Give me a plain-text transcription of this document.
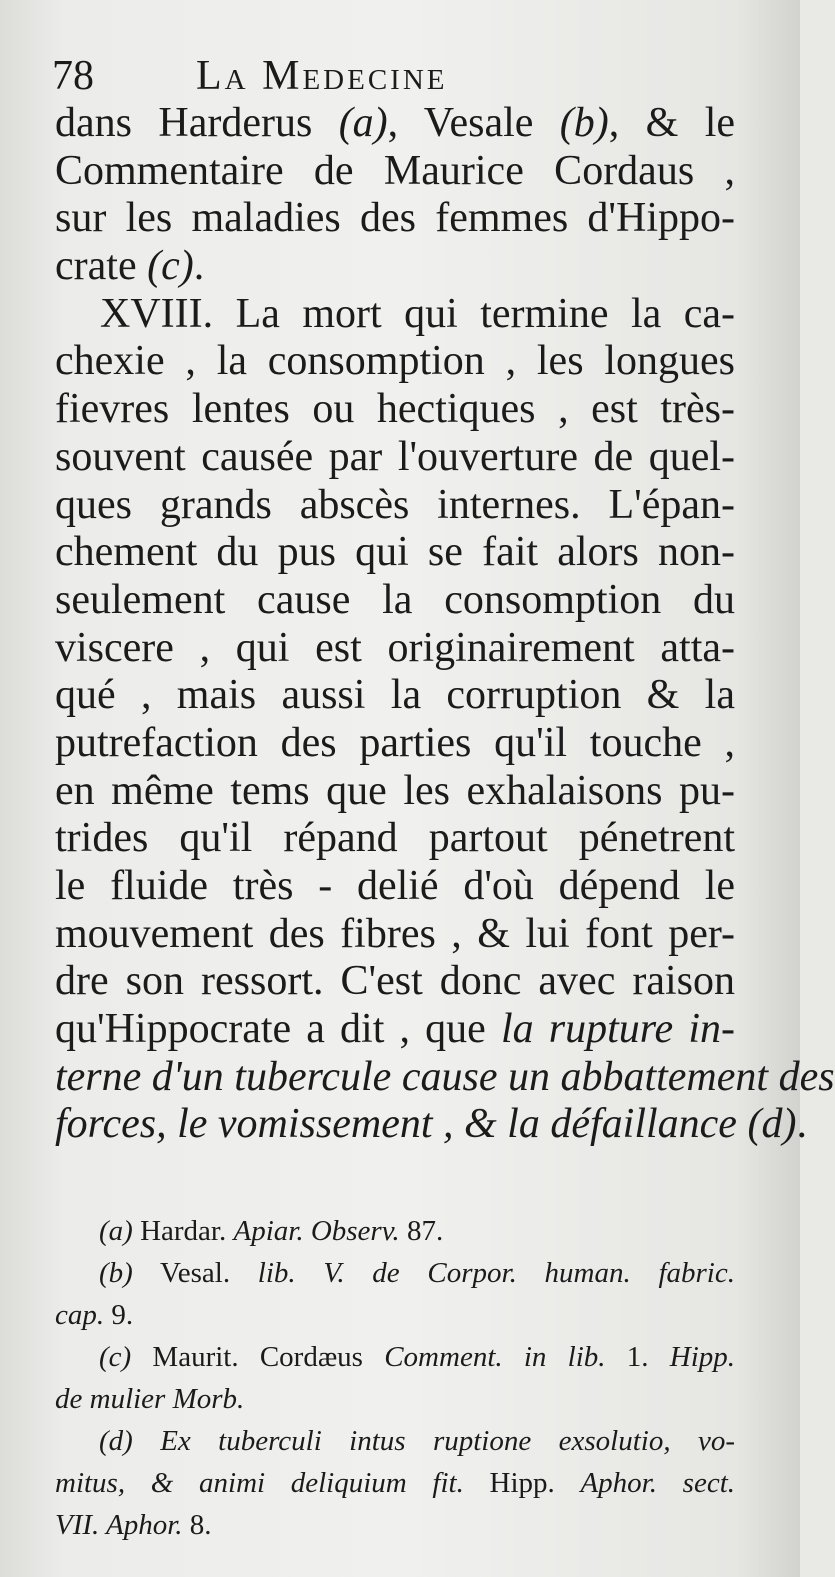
78 La Medecine
dans Harderus (a), Vesale (b), & le
Commentaire de Maurice Cordaus ,
sur les maladies des femmes d'Hippo-
crate (c).
XVIII. La mort qui termine la ca-
chexie , la consomption , les longues
fievres lentes ou hectiques , est très-
souvent causée par l'ouverture de quel-
ques grands abscès internes. L'épan-
chement du pus qui se fait alors non-
seulement cause la consomption du
viscere , qui est originairement atta-
qué , mais aussi la corruption & la
putrefaction des parties qu'il touche ,
en même tems que les exhalaisons pu-
trides qu'il répand partout pénetrent
le fluide très - delié d'où dépend le
mouvement des fibres , & lui font per-
dre son ressort. C'est donc avec raison
qu'Hippocrate a dit , que la rupture in-
terne d'un tubercule cause un abbattement des
forces, le vomissement , & la défaillance (d).
(a) Hardar. Apiar. Observ. 87.
(b) Vesal. lib. V. de Corpor. human. fabric.
cap. 9.
(c) Maurit. Cordæus Comment. in lib. 1. Hipp.
de mulier Morb.
(d) Ex tuberculi intus ruptione exsolutio, vo-
mitus, & animi deliquium fit. Hipp. Aphor. sect.
VII. Aphor. 8.
